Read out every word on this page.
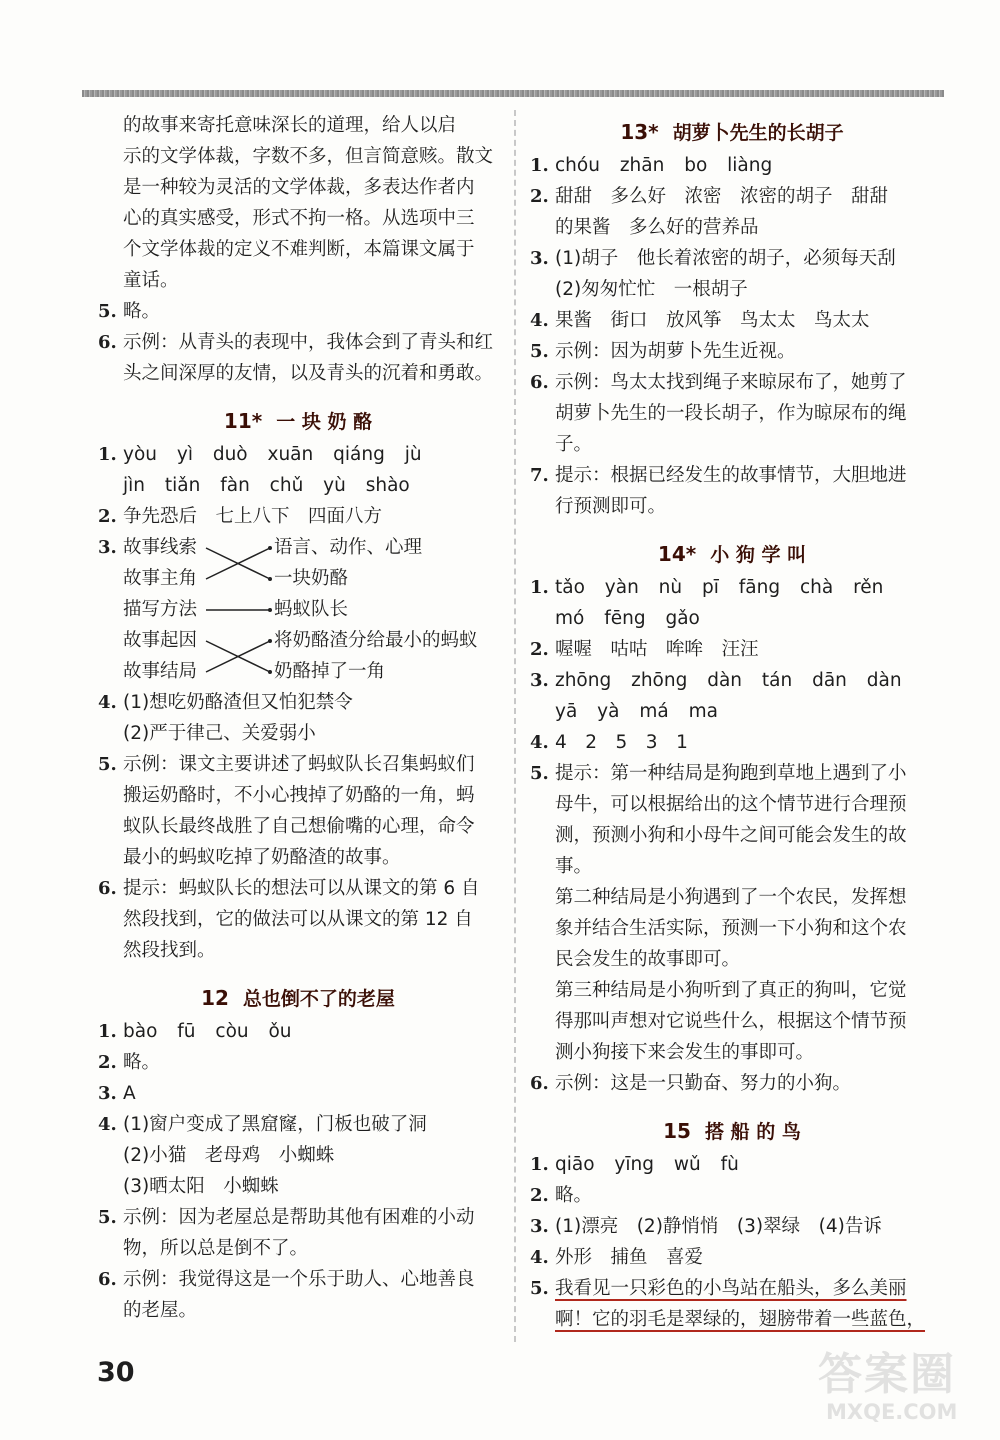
的故事来寄托意味深长的道理，给人以启
示的文学体裁，字数不多，但言简意赅。散文
是一种较为灵活的文学体裁，多表达作者内
心的真实感受，形式不拘一格。从选项中三
个文学体裁的定义不难判断，本篇课文属于
童话。
5. 略。
6. 示例：从青头的表现中，我体会到了青头和红
头之间深厚的友情，以及青头的沉着和勇敢。
11* 一 块 奶 酪
1. yòu yì duò xuān qiáng jù
jìn tiǎn fàn chǔ yù shào
2. 争先恐后　七上八下　四面八方
3. 故事线索
故事主角
描写方法
故事起因
故事结局
语言、动作、心理
一块奶酪
蚂蚁队长
将奶酪渣分给最小的蚂蚁
奶酪掉了一角
4. (1)想吃奶酪渣但又怕犯禁令
(2)严于律己、关爱弱小
5. 示例：课文主要讲述了蚂蚁队长召集蚂蚁们
搬运奶酪时，不小心拽掉了奶酪的一角，蚂
蚁队长最终战胜了自己想偷嘴的心理，命令
最小的蚂蚁吃掉了奶酪渣的故事。
6. 提示：蚂蚁队长的想法可以从课文的第 6 自
然段找到，它的做法可以从课文的第 12 自
然段找到。
12 总也倒不了的老屋
1. bào fū còu ǒu
2. 略。
3. A
4. (1)窗户变成了黑窟窿，门板也破了洞
(2)小猫　老母鸡　小蜘蛛
(3)晒太阳　小蜘蛛
5. 示例：因为老屋总是帮助其他有困难的小动
物，所以总是倒不了。
6. 示例：我觉得这是一个乐于助人、心地善良
的老屋。
13* 胡萝卜先生的长胡子
1. chóu zhān bo liàng
2. 甜甜　多么好　浓密　浓密的胡子　甜甜
的果酱　多么好的营养品
3. (1)胡子　他长着浓密的胡子，必须每天刮
(2)匆匆忙忙　一根胡子
4. 果酱　街口　放风筝　鸟太太　鸟太太
5. 示例：因为胡萝卜先生近视。
6. 示例：鸟太太找到绳子来晾尿布了，她剪了
胡萝卜先生的一段长胡子，作为晾尿布的绳
子。
7. 提示：根据已经发生的故事情节，大胆地进
行预测即可。
14* 小 狗 学 叫
1. tǎo yàn nù pī fāng chà rěn
mó fēng gǎo
2. 喔喔　咕咕　哞哞　汪汪
3. zhōng zhōng dàn tán dān dàn
yā yà má ma
4. 4　2　5　3　1
5. 提示：第一种结局是狗跑到草地上遇到了小
母牛，可以根据给出的这个情节进行合理预
测，预测小狗和小母牛之间可能会发生的故
事。
第二种结局是小狗遇到了一个农民，发挥想
象并结合生活实际，预测一下小狗和这个农
民会发生的故事即可。
第三种结局是小狗听到了真正的狗叫，它觉
得那叫声想对它说些什么，根据这个情节预
测小狗接下来会发生的事即可。
6. 示例：这是一只勤奋、努力的小狗。
15 搭 船 的 鸟
1. qiāo yīng wǔ fù
2. 略。
3. (1)漂亮　(2)静悄悄　(3)翠绿　(4)告诉
4. 外形　捕鱼　喜爱
5. 我看见一只彩色的小鸟站在船头，多么美丽
啊！它的羽毛是翠绿的，翅膀带着一些蓝色，
30	答案圈
MXQE.COM
